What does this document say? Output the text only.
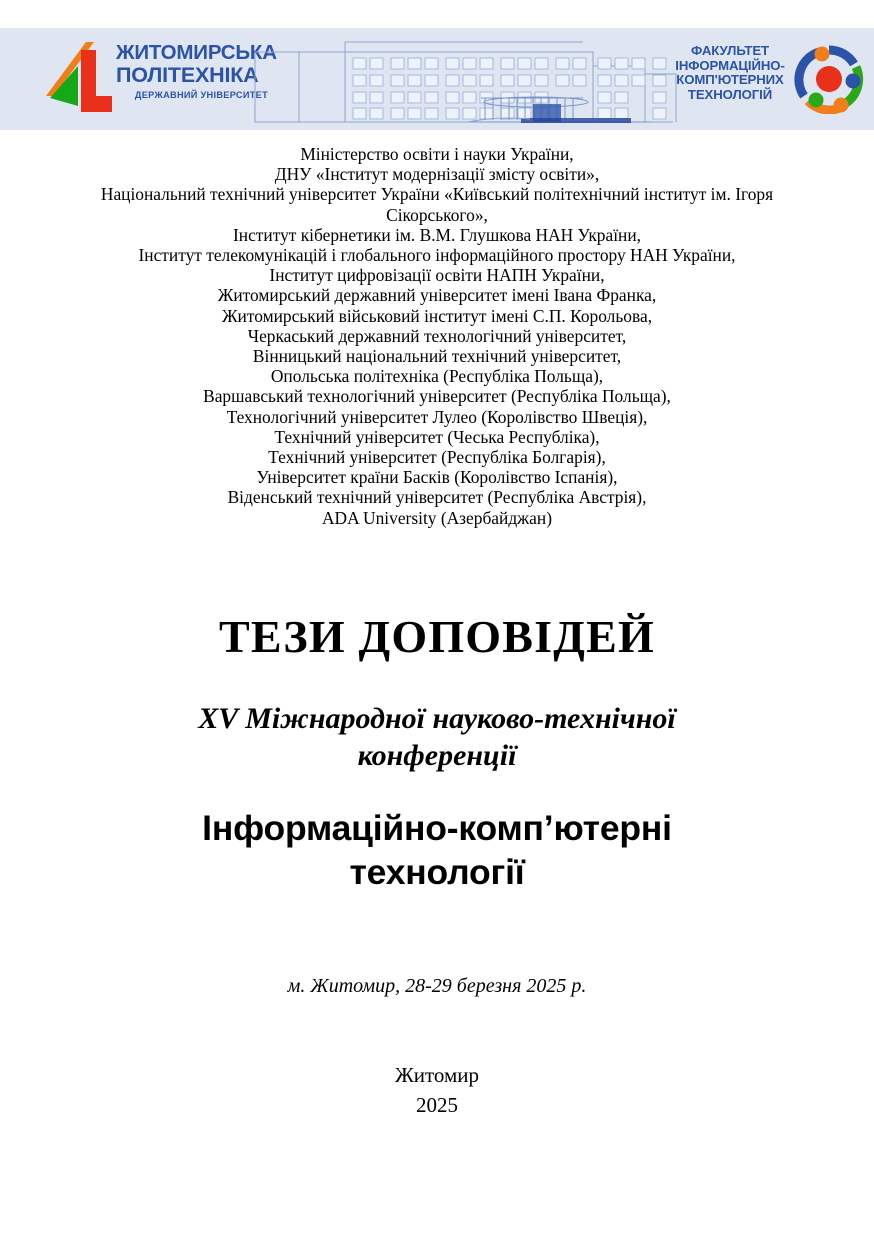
ЖИТОМИРСЬКА
ПОЛІТЕХНІКА
ДЕРЖАВНИЙ УНІВЕРСИТЕТ
ФАКУЛЬТЕТ
ІНФОРМАЦІЙНО-
КОМП'ЮТЕРНИХ
ТЕХНОЛОГІЙ
Міністерство освіти і науки України,
ДНУ «Інститут модернізації змісту освіти»,
Національний технічний університет України «Київський політехнічний інститут ім. Ігоря Сікорського»,
Інститут кібернетики ім. В.М. Глушкова НАН України,
Інститут телекомунікацій і глобального інформаційного простору НАН України,
Інститут цифровізації освіти НАПН України,
Житомирський державний університет імені Івана Франка,
Житомирський військовий інститут імені С.П. Корольова,
Черкаський державний технологічний університет,
Вінницький національний технічний університет,
Опольська політехніка (Республіка Польща),
Варшавський технологічний університет (Республіка Польща),
Технологічний університет Лулео (Королівство Швеція),
Технічний університет (Чеська Республіка),
Технічний університет (Республіка Болгарія),
Університет країни Басків (Королівство Іспанія),
Віденський технічний університет (Республіка Австрія),
ADA University (Азербайджан)
ТЕЗИ ДОПОВІДЕЙ
XV Міжнародної науково-технічної
конференції
Інформаційно-комп’ютерні
технології
м. Житомир, 28-29 березня 2025 р.
Житомир
2025
